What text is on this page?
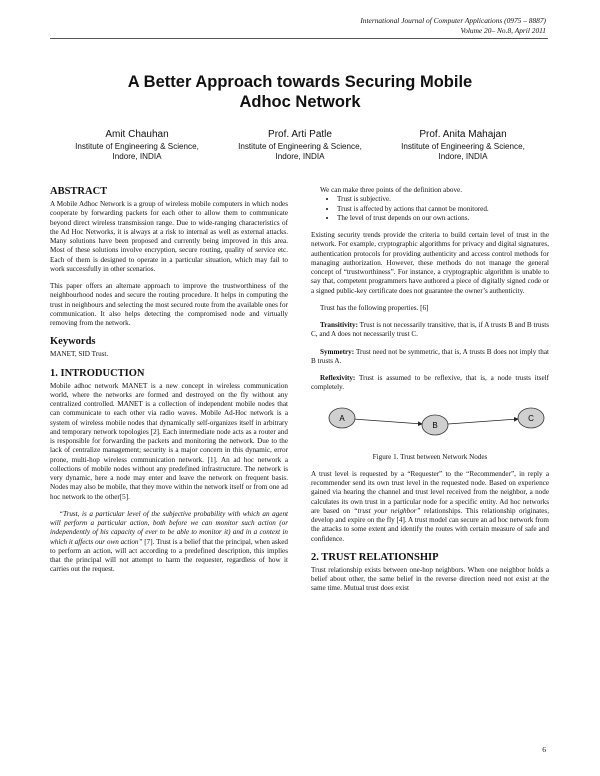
International Journal of Computer Applications (0975 – 8887)
Volume 20– No.8, April 2011
A Better Approach towards Securing Mobile
Adhoc Network
Amit Chauhan
Institute of Engineering & Science,
Indore, INDIA
Prof. Arti Patle
Institute of Engineering & Science,
Indore, INDIA
Prof. Anita Mahajan
Institute of Engineering & Science,
Indore, INDIA
ABSTRACT

A Mobile Adhoc Network is a group of wireless mobile computers in which nodes cooperate by forwarding packets for each other to allow them to communicate beyond direct wireless transmission range. Due to wide-ranging characteristics of the Ad Hoc Networks, it is always at a risk to internal as well as external attacks. Many solutions have been proposed and currently being improved in this area. Most of these solutions involve encryption, secure routing, quality of service etc. Each of them is designed to operate in a particular situation, which may fail to work successfully in other scenarios.

This paper offers an alternate approach to improve the trustworthiness of the neighbourhood nodes and secure the routing procedure. It helps in computing the trust in neighbours and selecting the most secured route from the available ones for communication. It also helps detecting the compromised node and virtually removing from the network.

Keywords

MANET, SID Trust.

1. INTRODUCTION

Mobile adhoc network MANET is a new concept in wireless communication world, where the networks are formed and destroyed on the fly without any centralized controlled. MANET is a collection of independent mobile nodes that can communicate to each other via radio waves. Mobile Ad-Hoc network is a system of wireless mobile nodes that dynamically self-organizes itself in arbitrary and temporary network topologies [2]. Each intermediate node acts as a router and is responsible for forwarding the packets and monitoring the network. Due to the lack of centralize management; security is a major concern in this dynamic, error prone, multi-hop wireless communication network. [1]. An ad hoc network a collections of mobile nodes without any predefined infrastructure. The network is very dynamic, here a node may enter and leave the network on frequent basis. Nodes may also be mobile, that they move within the network itself or from one ad hoc network to the other[5].

“Trust, is a particular level of the subjective probability with which an agent will perform a particular action, both before we can monitor such action (or independently of his capacity of ever to be able to monitor it) and in a context in which it affects our own action” [7]. Trust is a belief that the principal, when asked to perform an action, will act according to a predefined description, this implies that the principal will not attempt to harm the requester, regardless of how it carries out the request.

We can make three points of the definition above.

• Trust is subjective.
• Trust is affected by actions that cannot be monitored.
• The level of trust depends on our own actions.

Existing security trends provide the criteria to build certain level of trust in the network. For example, cryptographic algorithms for privacy and digital signatures, authentication protocols for providing authenticity and access control methods for managing authorization. However, these methods do not manage the general concept of “trustworthiness”. For instance, a cryptographic algorithm is unable to say that, competent programmers have authored a piece of digitally signed code or a signed public-key certificate does not guarantee the owner’s authenticity.

Trust has the following properties. [6]

Transitivity: Trust is not necessarily transitive, that is, if A trusts B and B trusts C, and A does not necessarily trust C.

Symmetry: Trust need not be symmetric, that is, A trusts B does not imply that B trusts A.

Reflexivity: Trust is assumed to be reflexive, that is, a node trusts itself completely.

A
B
C

Figure 1. Trust between Network Nodes

A trust level is requested by a “Requester” to the “Recommender”, in reply a recommender send its own trust level in the requested node. Based on experience gained via hearing the channel and trust level received from the neighbor, a node calculates its own trust in a particular node for a specific entity. Ad hoc networks are based on “trust your neighbor” relationships. This relationship originates, develop and expire on the fly [4]. A trust model can secure an ad hoc network from the attacks to some extent and identify the routes with certain measure of safe and confidence.

2. TRUST RELATIONSHIP

Trust relationship exists between one-hop neighbors. When one neighbor holds a belief about other, the same belief in the reverse direction need not exist at the same time. Mutual trust does exist

6
